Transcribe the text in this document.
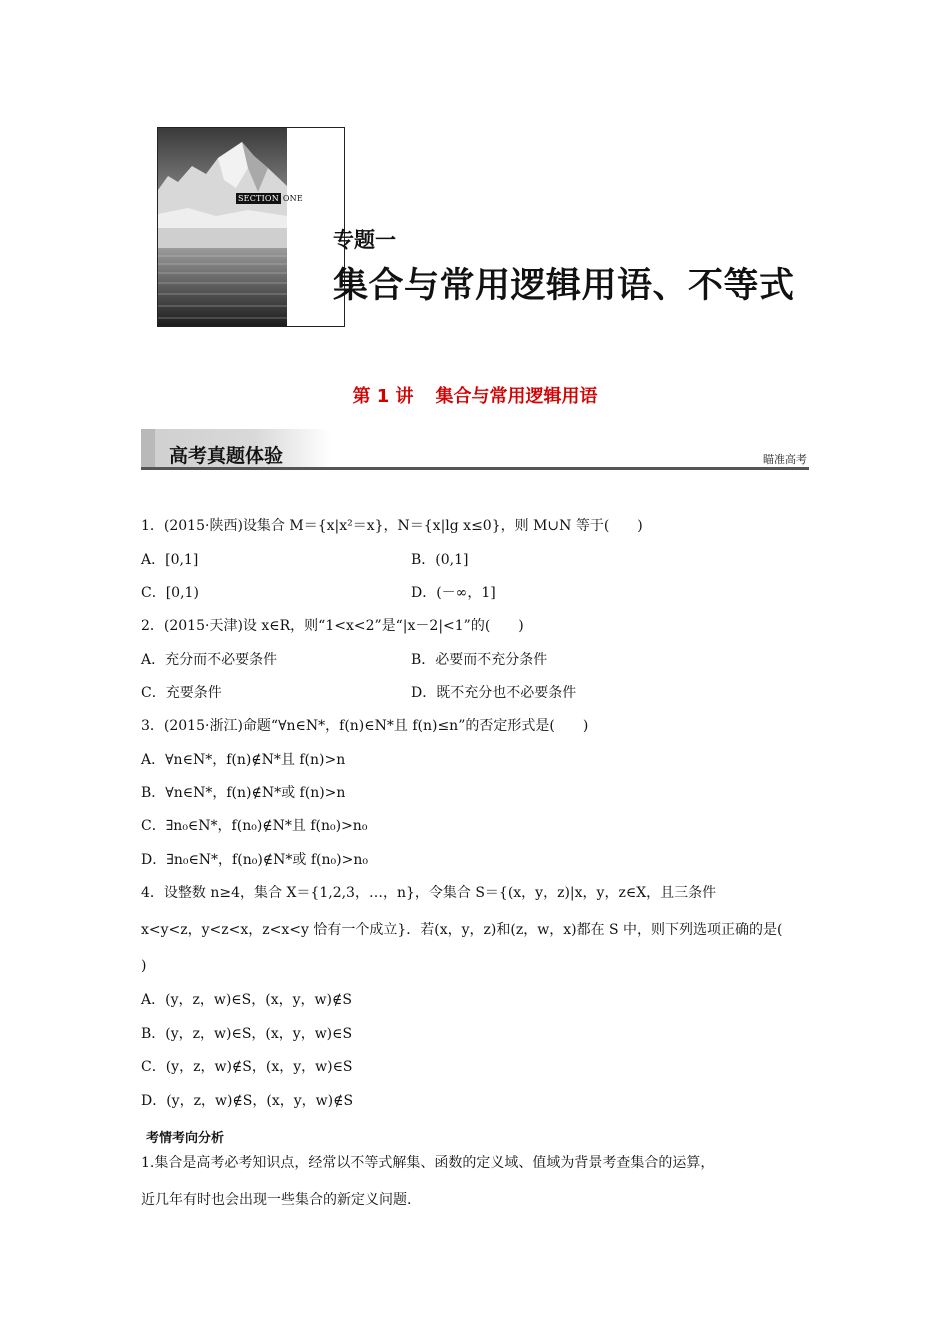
SECTION ONE
专题一
集合与常用逻辑用语、不等式
第 1 讲 集合与常用逻辑用语
高考真题体验	瞄准高考
1．(2015·陕西)设集合 M＝{x|x²＝x}，N＝{x|lg x≤0}，则 M∪N 等于(　　)
A．[0,1]	B．(0,1]
C．[0,1)	D．(－∞，1]
2．(2015·天津)设 x∈R，则“1<x<2”是“|x－2|<1”的(　　)
A．充分而不必要条件	B．必要而不充分条件
C．充要条件	D．既不充分也不必要条件
3．(2015·浙江)命题“∀n∈N*，f(n)∈N*且 f(n)≤n”的否定形式是(　　)
A．∀n∈N*，f(n)∉N*且 f(n)>n
B．∀n∈N*，f(n)∉N*或 f(n)>n
C．∃n₀∈N*，f(n₀)∉N*且 f(n₀)>n₀
D．∃n₀∈N*，f(n₀)∉N*或 f(n₀)>n₀
4．设整数 n≥4，集合 X＝{1,2,3，…，n}，令集合 S＝{(x，y，z)|x，y，z∈X，且三条件
x<y<z，y<z<x，z<x<y 恰有一个成立}．若(x，y，z)和(z，w，x)都在 S 中，则下列选项正确的是(
)
A．(y，z，w)∈S，(x，y，w)∉S
B．(y，z，w)∈S，(x，y，w)∈S
C．(y，z，w)∉S，(x，y，w)∈S
D．(y，z，w)∉S，(x，y，w)∉S
考情考向分析
1.集合是高考必考知识点，经常以不等式解集、函数的定义域、值域为背景考查集合的运算，
近几年有时也会出现一些集合的新定义问题.
